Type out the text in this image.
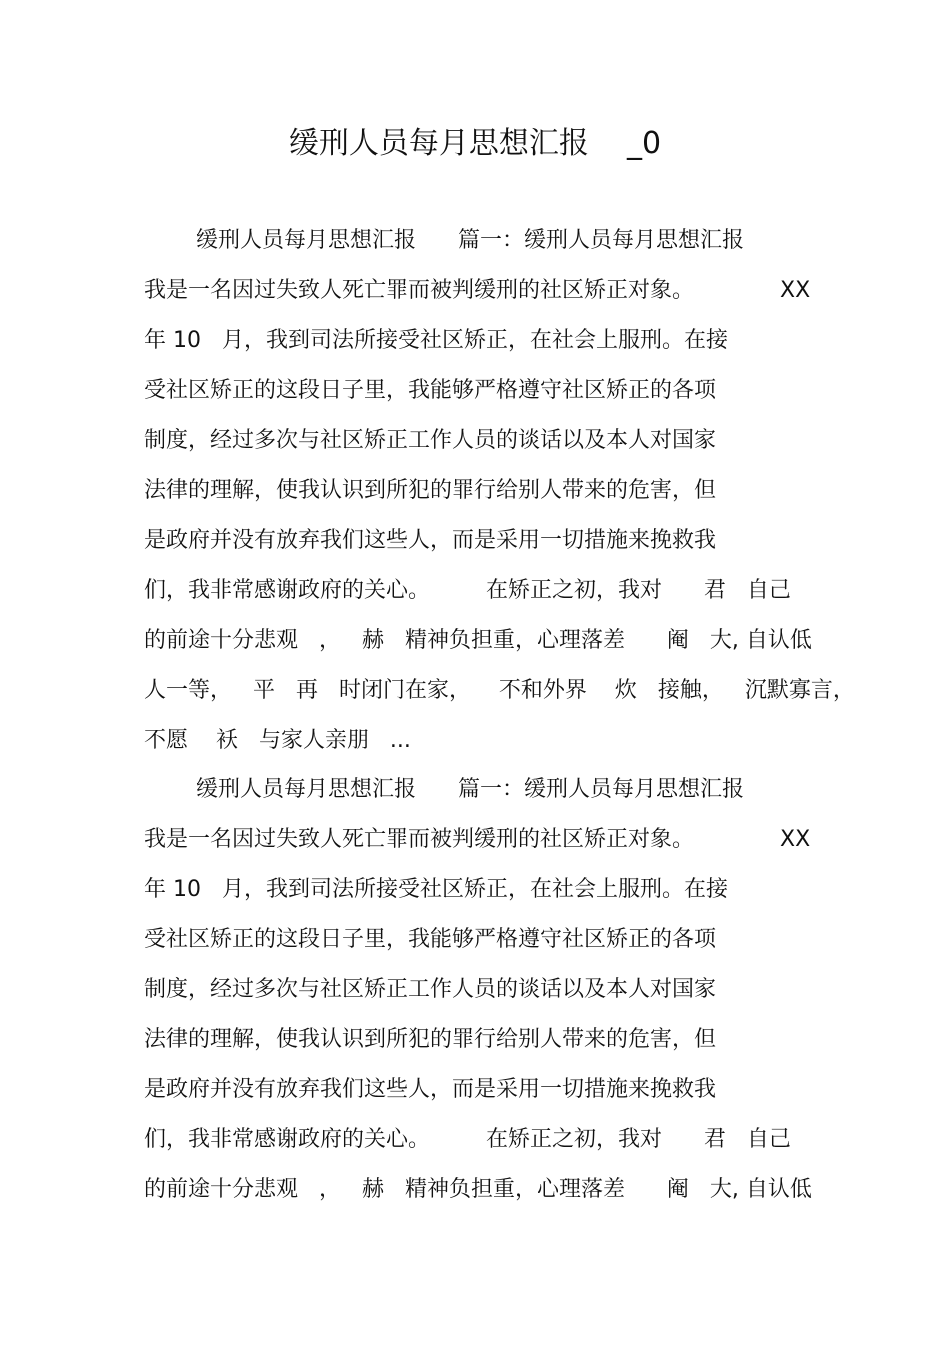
缓刑人员每月思想汇报    _0
缓刑人员每月思想汇报      篇一：缓刑人员每月思想汇报
我是一名因过失致人死亡罪而被判缓刑的社区矫正对象。	XX
年 10   月，我到司法所接受社区矫正，在社会上服刑。在接
受社区矫正的这段日子里，我能够严格遵守社区矫正的各项
制度，经过多次与社区矫正工作人员的谈话以及本人对国家
法律的理解，使我认识到所犯的罪行给别人带来的危害，但
是政府并没有放弃我们这些人，而是采用一切措施来挽救我
们，我非常感谢政府的关心。        在矫正之初，我对      君   自己
的前途十分悲观   ，   赫   精神负担重，心理落差      阉   大, 自认低
人一等，   平   再   时闭门在家，    不和外界    炊   接触，   沉默寡言，
不愿    袄   与家人亲朋   ...
缓刑人员每月思想汇报      篇一：缓刑人员每月思想汇报
我是一名因过失致人死亡罪而被判缓刑的社区矫正对象。	XX
年 10   月，我到司法所接受社区矫正，在社会上服刑。在接
受社区矫正的这段日子里，我能够严格遵守社区矫正的各项
制度，经过多次与社区矫正工作人员的谈话以及本人对国家
法律的理解，使我认识到所犯的罪行给别人带来的危害，但
是政府并没有放弃我们这些人，而是采用一切措施来挽救我
们，我非常感谢政府的关心。        在矫正之初，我对      君   自己
的前途十分悲观   ，   赫   精神负担重，心理落差      阉   大, 自认低
